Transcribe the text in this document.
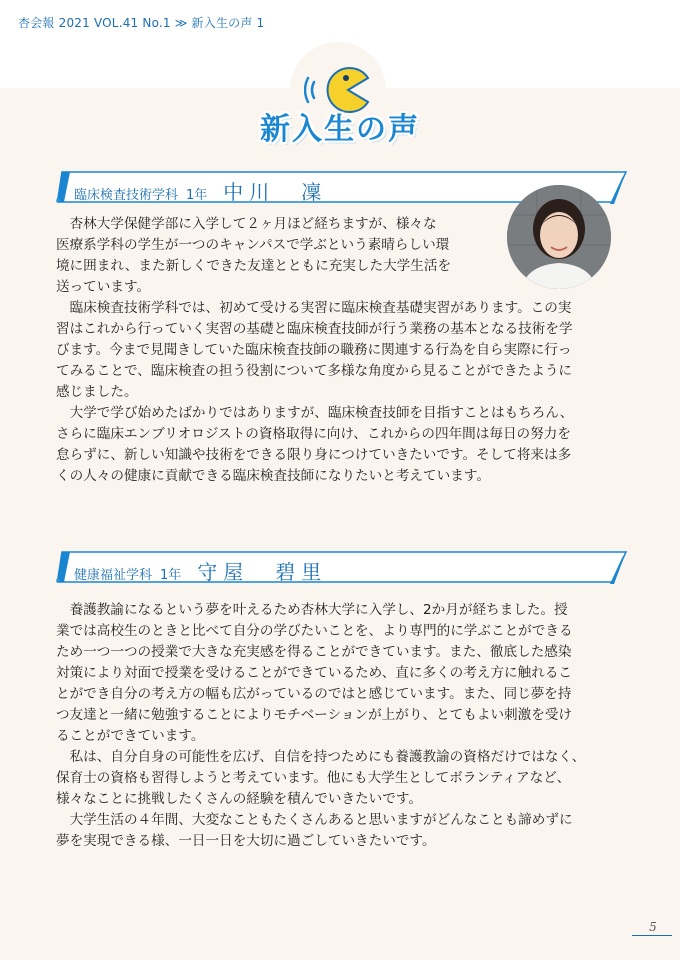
杏会報 2021 VOL.41 No.1 ≫ 新入生の声 1
新入生の声
臨床検査技術学科 1年 中川　凜

杏林大学保健学部に入学して２ヶ月ほど経ちますが、様々な
医療系学科の学生が一つのキャンパスで学ぶという素晴らしい環
境に囲まれ、また新しくできた友達とともに充実した大学生活を
送っています。

臨床検査技術学科では、初めて受ける実習に臨床検査基礎実習があります。この実
習はこれから行っていく実習の基礎と臨床検査技師が行う業務の基本となる技術を学
びます。今まで見聞きしていた臨床検査技師の職務に関連する行為を自ら実際に行っ
てみることで、臨床検査の担う役割について多様な角度から見ることができたように
感じました。

大学で学び始めたばかりではありますが、臨床検査技師を目指すことはもちろん、
さらに臨床エンブリオロジストの資格取得に向け、これからの四年間は毎日の努力を
怠らずに、新しい知識や技術をできる限り身につけていきたいです。そして将来は多
くの人々の健康に貢献できる臨床検査技師になりたいと考えています。

健康福祉学科 1年 守屋　碧里

養護教諭になるという夢を叶えるため杏林大学に入学し、2か月が経ちました。授
業では高校生のときと比べて自分の学びたいことを、より専門的に学ぶことができる
ため一つ一つの授業で大きな充実感を得ることができています。また、徹底した感染
対策により対面で授業を受けることができているため、直に多くの考え方に触れるこ
とができ自分の考え方の幅も広がっているのではと感じています。また、同じ夢を持
つ友達と一緒に勉強することによりモチベーションが上がり、とてもよい刺激を受け
ることができています。

私は、自分自身の可能性を広げ、自信を持つためにも養護教諭の資格だけではなく、
保育士の資格も習得しようと考えています。他にも大学生としてボランティアなど、
様々なことに挑戦したくさんの経験を積んでいきたいです。

大学生活の４年間、大変なこともたくさんあると思いますがどんなことも諦めずに
夢を実現できる様、一日一日を大切に過ごしていきたいです。

5
